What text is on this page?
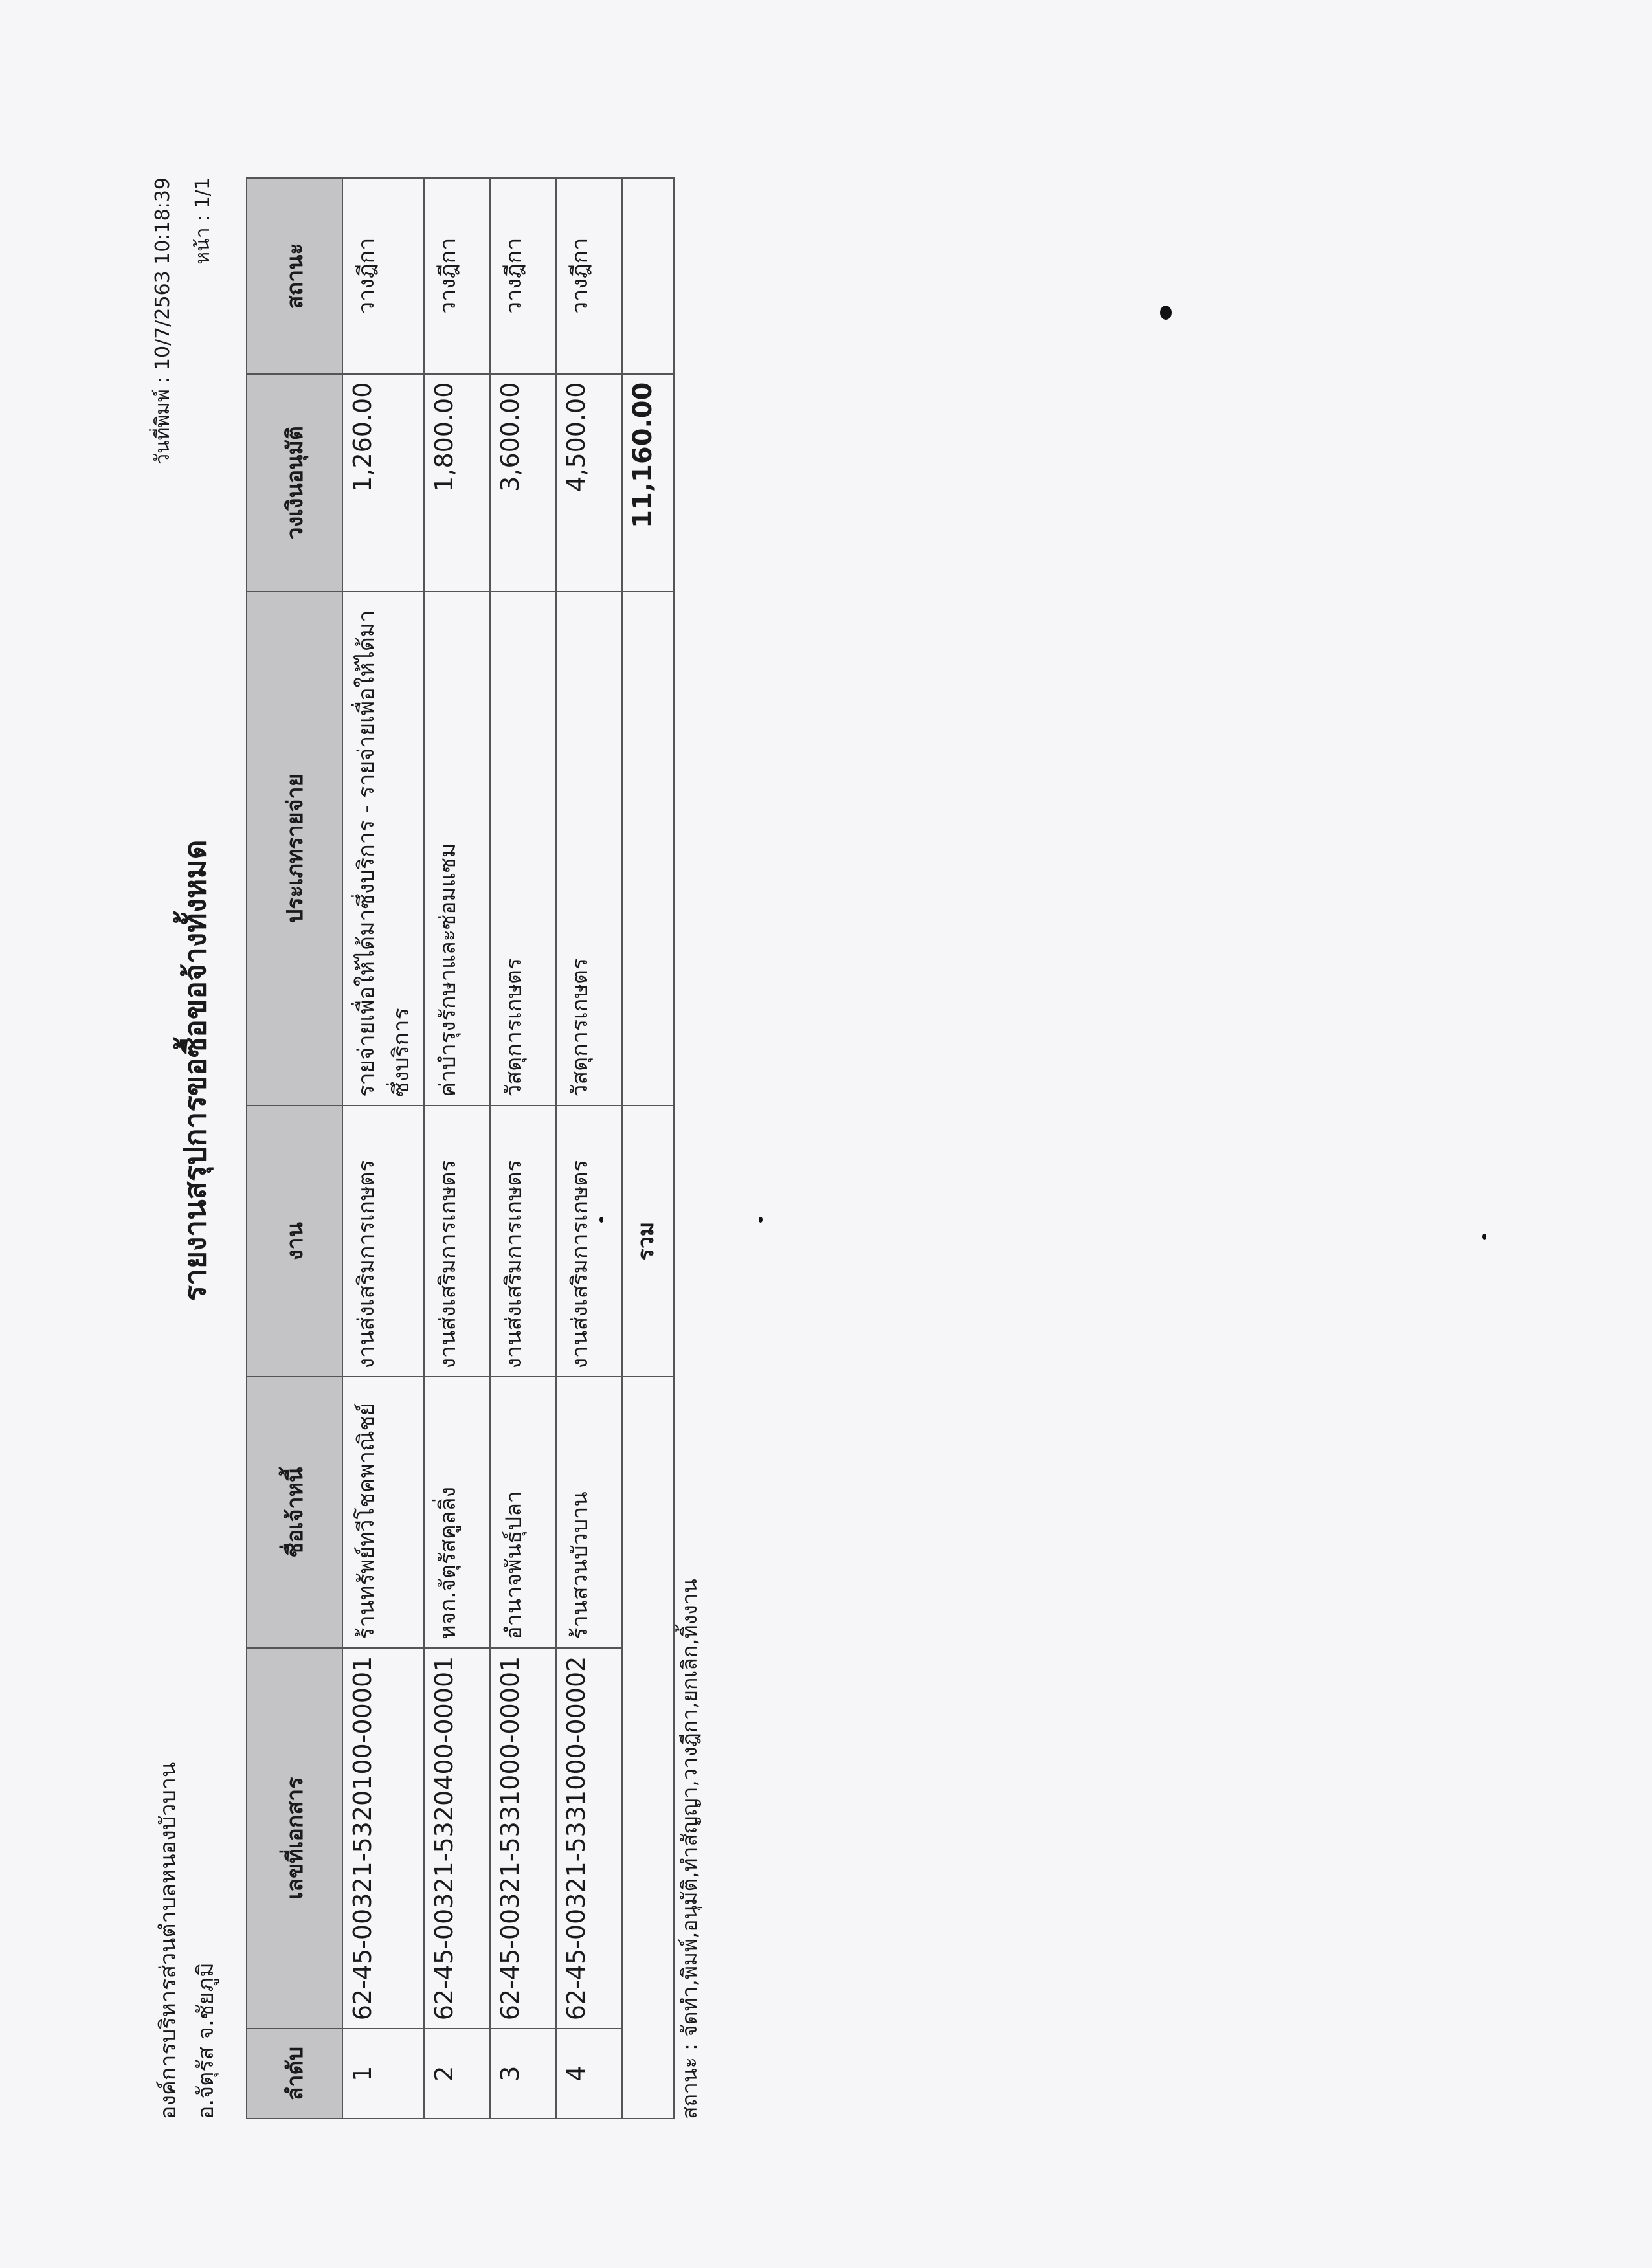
องค์การบริหารส่วนตำบลหนองบัวบาน อ.จัตุรัส จ.ชัยภูมิ
วันที่พิมพ์ : 10/7/2563 10:18:39 หน้า : 1/1
รายงานสรุปการขอซื้อขอจ้างทั้งหมด
ลำดับ	เลขที่เอกสาร	ชื่อเจ้าหนี้	งาน	ประเภทรายจ่าย	วงเงินอนุมัติ	สถานะ
1	62-45-00321-5320100-00001	ร้านทรัพย์ทวีโชคพาณิชย์	งานส่งเสริมการเกษตร	รายจ่ายเพื่อให้ได้มาซึ่งบริการ - รายจ่ายเพื่อให้ได้มาซึ่งบริการ	1,260.00	วางฎีกา
2	62-45-00321-5320400-00001	หจก.จัตุรัสคูลลิ่ง	งานส่งเสริมการเกษตร	ค่าบำรุงรักษาและซ่อมแซม	1,800.00	วางฎีกา
3	62-45-00321-5331000-00001	อำนาจพันธุ์ปลา	งานส่งเสริมการเกษตร	วัสดุการเกษตร	3,600.00	วางฎีกา
4	62-45-00321-5331000-00002	ร้านสวนบัวบาน	งานส่งเสริมการเกษตร	วัสดุการเกษตร	4,500.00	วางฎีกา
			รวม		11,160.00	
สถานะ : จัดทำ,พิมพ์,อนุมัติ,ทำสัญญา,วางฎีกา,ยกเลิก,ทิ้งงาน
